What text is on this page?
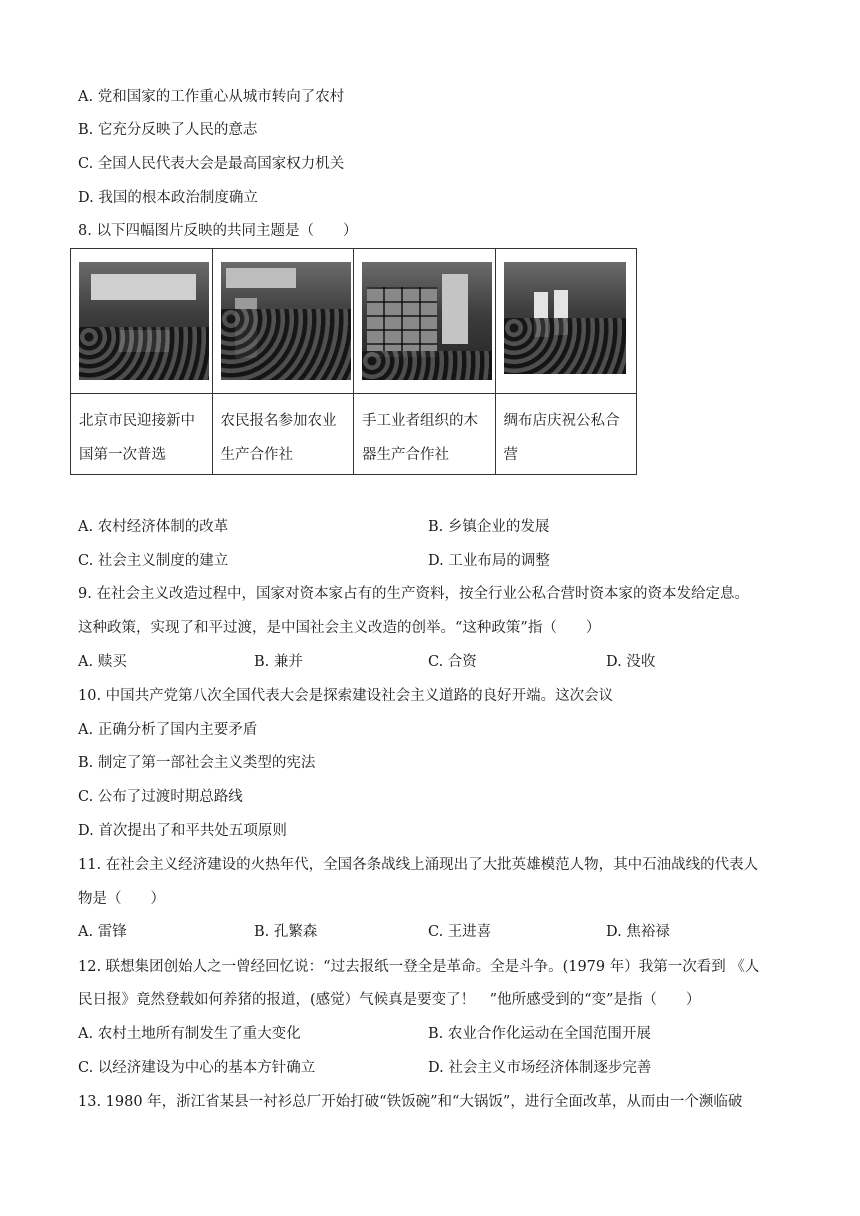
A. 党和国家的工作重心从城市转向了农村
B. 它充分反映了人民的意志
C. 全国人民代表大会是最高国家权力机关
D. 我国的根本政治制度确立
8. 以下四幅图片反映的共同主题是（　　）

北京市民迎接新中国第一次普选	农民报名参加农业生产合作社	手工业者组织的木器生产合作社	绸布店庆祝公私合营
A. 农村经济体制的改革	B. 乡镇企业的发展
C. 社会主义制度的建立	D. 工业布局的调整
9. 在社会主义改造过程中，国家对资本家占有的生产资料，按全行业公私合营时资本家的资本发给定息。
这种政策，实现了和平过渡，是中国社会主义改造的创举。“这种政策”指（　　）
A. 赎买	B. 兼并	C. 合资	D. 没收
10. 中国共产党第八次全国代表大会是探索建设社会主义道路的良好开端。这次会议
A. 正确分析了国内主要矛盾
B. 制定了第一部社会主义类型的宪法
C. 公布了过渡时期总路线
D. 首次提出了和平共处五项原则
11. 在社会主义经济建设的火热年代，全国各条战线上涌现出了大批英雄模范人物，其中石油战线的代表人
物是（　　）
A. 雷锋	B. 孔繁森	C. 王进喜	D. 焦裕禄
12. 联想集团创始人之一曾经回忆说：“过去报纸一登全是革命。全是斗争。(1979 年）我第一次看到 《人
民日报》竟然登载如何养猪的报道，(感觉）气候真是要变了！　”他所感受到的“变”是指（　　）
A. 农村土地所有制发生了重大变化	B. 农业合作化运动在全国范围开展
C. 以经济建设为中心的基本方针确立	D. 社会主义市场经济体制逐步完善
13. 1980 年，浙江省某县一衬衫总厂开始打破“铁饭碗”和“大锅饭”，进行全面改革，从而由一个濒临破
